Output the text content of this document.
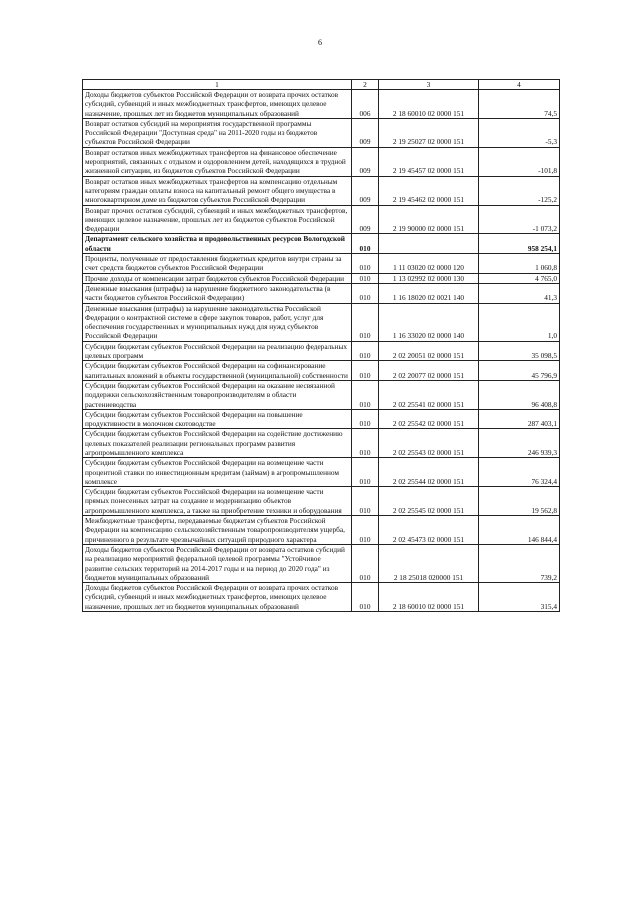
6
1	2	3	4
Доходы бюджетов субъектов Российской Федерации от возврата прочих остатков субсидий, субвенций и иных межбюджетных трансфертов, имеющих целевое назначение, прошлых лет из бюджетов муниципальных образований	006	2 18 60010 02 0000 151	74,5
Возврат остатков субсидий на мероприятия государственной программы Российской Федерации "Доступная среда" на 2011-2020 годы из бюджетов субъектов Российской Федерации	009	2 19 25027 02 0000 151	-5,3
Возврат остатков иных межбюджетных трансфертов на финансовое обеспечение мероприятий, связанных с отдыхом и оздоровлением детей, находящихся в трудной жизненной ситуации, из бюджетов субъектов Российской Федерации	009	2 19 45457 02 0000 151	-101,8
Возврат остатков иных межбюджетных трансфертов на компенсацию отдельным категориям граждан оплаты взноса на капитальный ремонт общего имущества в многоквартирном доме из бюджетов субъектов Российской Федерации	009	2 19 45462 02 0000 151	-125,2
Возврат прочих остатков субсидий, субвенций и иных межбюджетных трансфертов, имеющих целевое назначение, прошлых лет из бюджетов субъектов Российской Федерации	009	2 19 90000 02 0000 151	-1 073,2
Департамент сельского хозяйства и продовольственных ресурсов Вологодской области	010		958 254,1
Проценты, полученные от предоставления бюджетных кредитов внутри страны за счет средств бюджетов субъектов Российской Федерации	010	1 11 03020 02 0000 120	1 060,8
Прочие доходы от компенсации затрат бюджетов субъектов Российской Федерации	010	1 13 02992 02 0000 130	4 765,0
Денежные взыскания (штрафы) за нарушение бюджетного законодательства (в части бюджетов субъектов Российской Федерации)	010	1 16 18020 02 0021 140	41,3
Денежные взыскания (штрафы) за нарушение законодательства Российской Федерации о контрактной системе в сфере закупок товаров, работ, услуг для обеспечения государственных и муниципальных нужд для нужд субъектов Российской Федерации	010	1 16 33020 02 0000 140	1,0
Субсидии бюджетам субъектов Российской Федерации на реализацию федеральных целевых программ	010	2 02 20051 02 0000 151	35 098,5
Субсидии бюджетам субъектов Российской Федерации на софинансирование капитальных вложений в объекты государственной (муниципальной) собственности	010	2 02 20077 02 0000 151	45 796,9
Субсидии бюджетам субъектов Российской Федерации на оказание несвязанной поддержки сельскохозяйственным товаропроизводителям в области растениеводства	010	2 02 25541 02 0000 151	96 408,8
Субсидии бюджетам субъектов Российской Федерации на повышение продуктивности в молочном скотоводстве	010	2 02 25542 02 0000 151	287 403,1
Субсидии бюджетам субъектов Российской Федерации на содействие достижению целевых показателей реализации региональных программ развития агропромышленного комплекса	010	2 02 25543 02 0000 151	246 939,3
Субсидии бюджетам субъектов Российской Федерации на возмещение части процентной ставки по инвестиционным кредитам (займам) в агропромышленном комплексе	010	2 02 25544 02 0000 151	76 324,4
Субсидии бюджетам субъектов Российской Федерации на возмещение части прямых понесенных затрат на создание и модернизацию объектов агропромышленного комплекса, а также на приобретение техники и оборудования	010	2 02 25545 02 0000 151	19 562,8
Межбюджетные трансферты, передаваемые бюджетам субъектов Российской Федерации на компенсацию сельскохозяйственным товаропроизводителям ущерба, причиненного в результате чрезвычайных ситуаций природного характера	010	2 02 45473 02 0000 151	146 844,4
Доходы бюджетов субъектов Российской Федерации от возврата остатков субсидий на реализацию мероприятий федеральной целевой программы "Устойчивое развитие сельских территорий на 2014-2017 годы и на период до 2020 года" из бюджетов муниципальных образований	010	2 18 25018 020000 151	739,2
Доходы бюджетов субъектов Российской Федерации от возврата прочих остатков субсидий, субвенций и иных межбюджетных трансфертов, имеющих целевое назначение, прошлых лет из бюджетов муниципальных образований	010	2 18 60010 02 0000 151	315,4
